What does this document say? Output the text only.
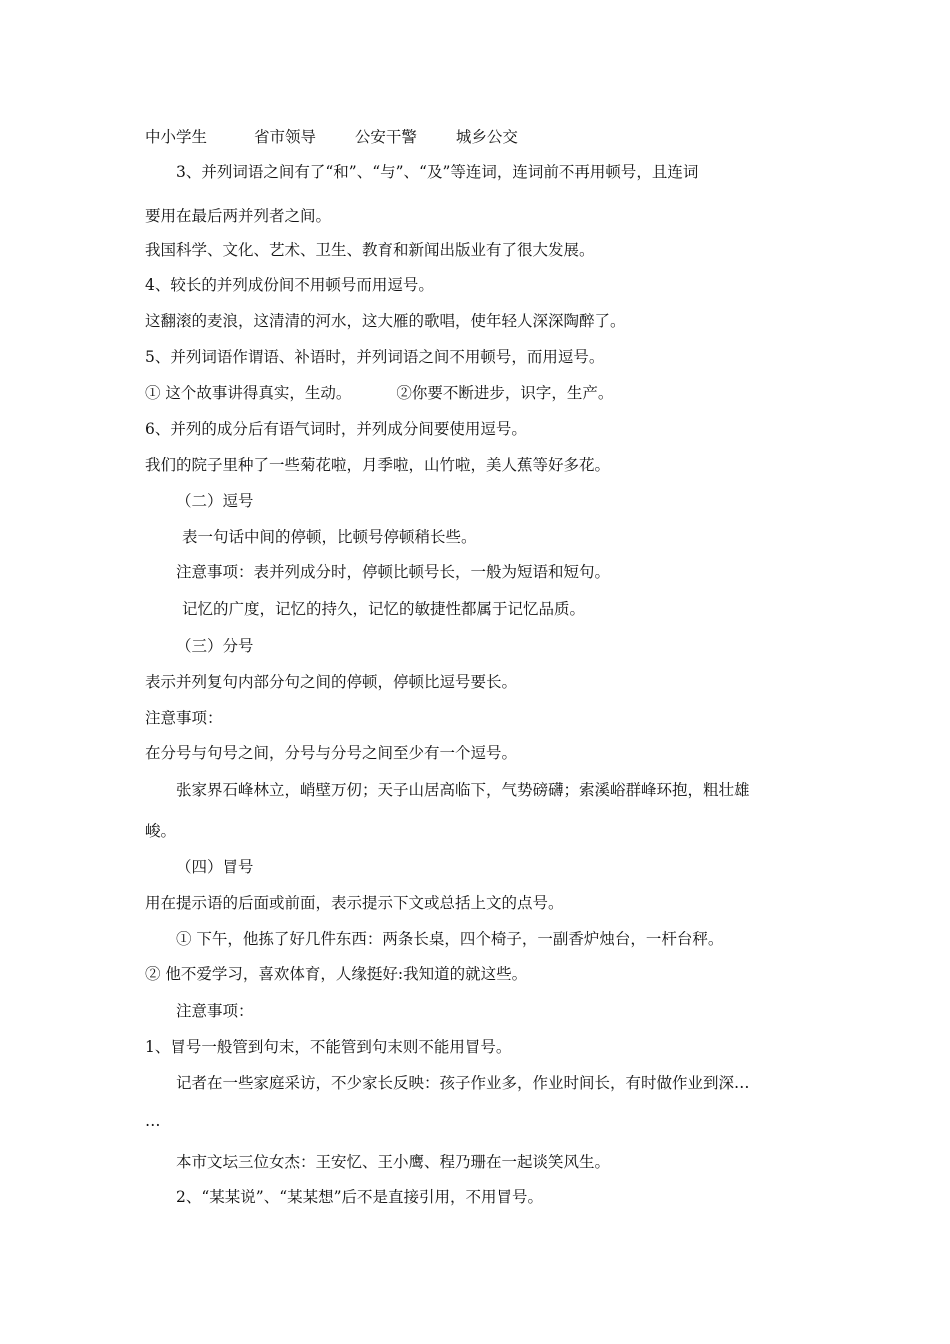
中小学生	省市领导	公安干警	城乡公交
3、并列词语之间有了“和”、“与”、“及”等连词，连词前不再用顿号，且连词
要用在最后两并列者之间。
我国科学、文化、艺术、卫生、教育和新闻出版业有了很大发展。
4、较长的并列成份间不用顿号而用逗号。
这翻滚的麦浪，这清清的河水，这大雁的歌唱，使年轻人深深陶醉了。
5、并列词语作谓语、补语时，并列词语之间不用顿号，而用逗号。
① 这个故事讲得真实，生动。	②你要不断进步，识字，生产。
6、并列的成分后有语气词时，并列成分间要使用逗号。
我们的院子里种了一些菊花啦，月季啦，山竹啦，美人蕉等好多花。
（二）逗号
表一句话中间的停顿，比顿号停顿稍长些。
注意事项：表并列成分时，停顿比顿号长，一般为短语和短句。
记忆的广度，记忆的持久，记忆的敏捷性都属于记忆品质。
（三）分号
表示并列复句内部分句之间的停顿，停顿比逗号要长。
注意事项：
在分号与句号之间，分号与分号之间至少有一个逗号。
张家界石峰林立，峭壁万仞；天子山居高临下，气势磅礴；索溪峪群峰环抱，粗壮雄
峻。
（四）冒号
用在提示语的后面或前面，表示提示下文或总括上文的点号。
① 下午，他拣了好几件东西：两条长桌，四个椅子，一副香炉烛台，一杆台秤。
② 他不爱学习，喜欢体育，人缘挺好:我知道的就这些。
注意事项：
1、冒号一般管到句末，不能管到句末则不能用冒号。
记者在一些家庭采访，不少家长反映：孩子作业多，作业时间长，有时做作业到深…
…
本市文坛三位女杰：王安忆、王小鹰、程乃珊在一起谈笑风生。
2、“某某说”、“某某想”后不是直接引用，不用冒号。
